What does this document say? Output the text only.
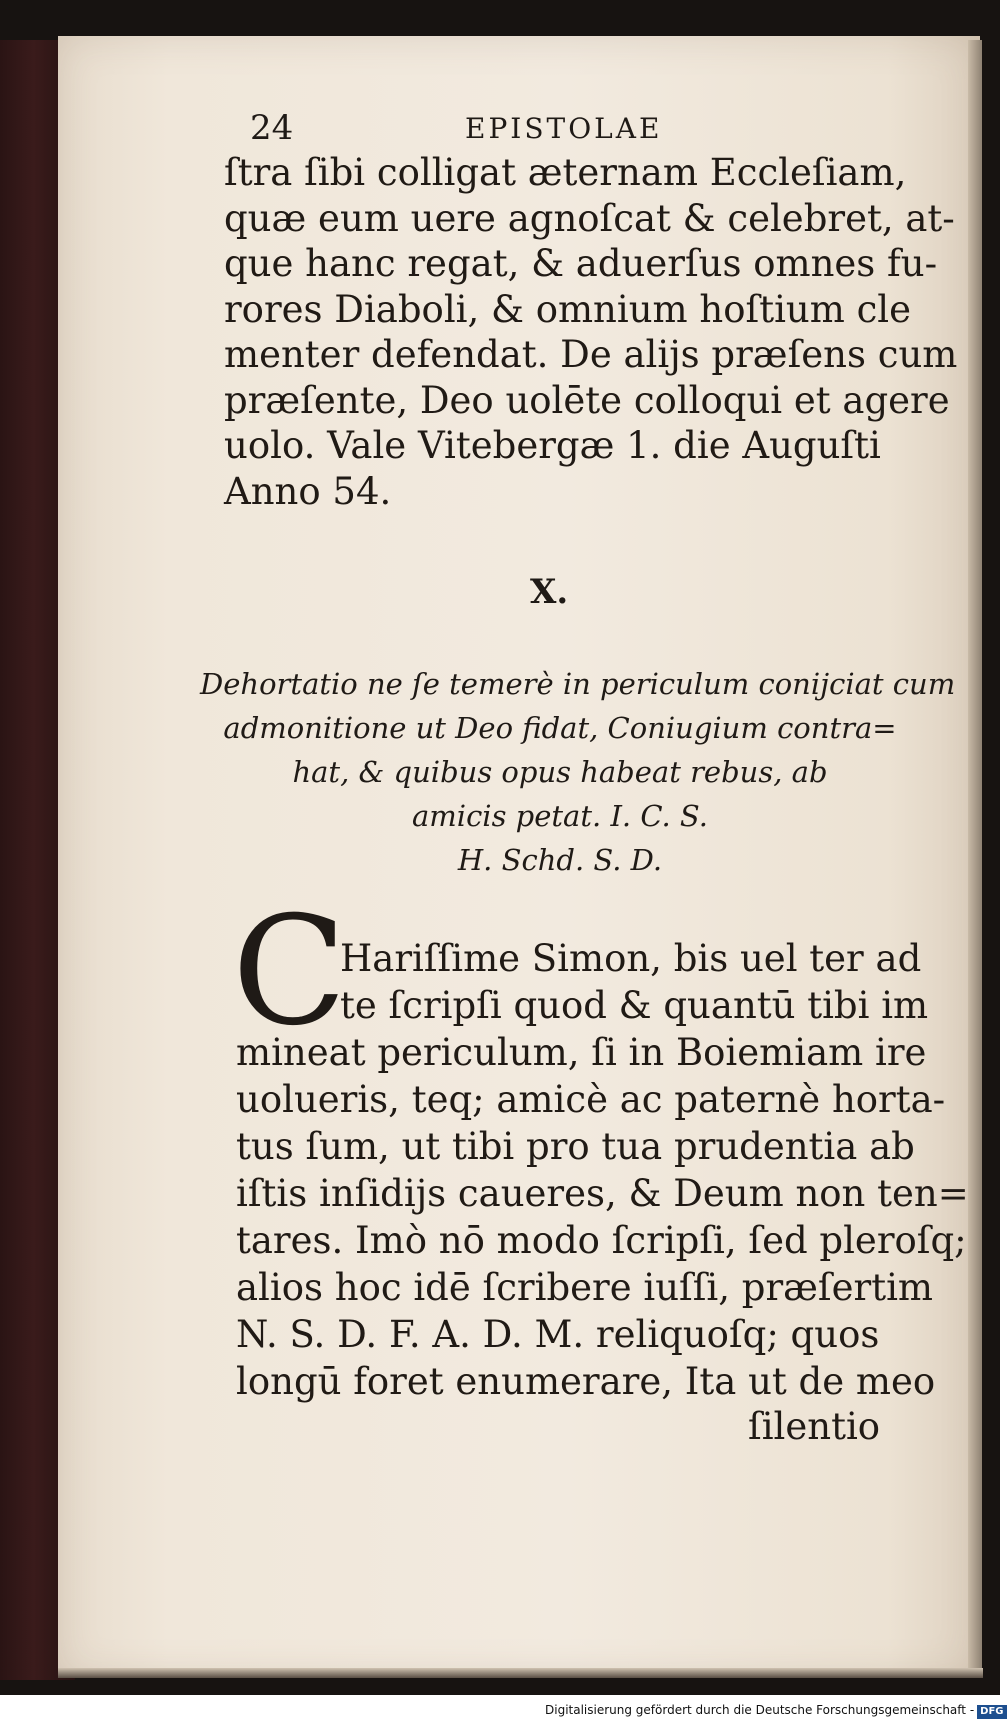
24	EPISTOLAE
ſtra ſibi colligat æternam Eccleſiam,
quæ eum uere agnoſcat & celebret, at-
que hanc regat, & aduerſus omnes fu-
rores Diaboli, & omnium hoſtium cle
menter defendat. De alijs præſens cum
præſente, Deo uolēte colloqui et agere
uolo. Vale Vitebergæ 1. die Auguſti
Anno 54.
X.
Dehortatio ne ſe temerè in periculum conijciat cum
admonitione ut Deo fidat, Coniugium contra=
hat, & quibus opus habeat rebus, ab
amicis petat. I. C. S.
H. Schd. S. D.
C
Hariſſime Simon, bis uel ter ad
te ſcripſi quod & quantū tibi im
mineat periculum, ſi in Boiemiam ire
uolueris, teq; amicè ac paternè horta-
tus ſum, ut tibi pro tua prudentia ab
iſtis inſidijs caueres, & Deum non ten=
tares. Imò nō modo ſcripſi, ſed pleroſq;
alios hoc idē ſcribere iuſſi, præſertim
N. S. D. F. A. D. M. reliquoſq; quos
longū foret enumerare, Ita ut de meo
ſilentio
Digitalisierung gefördert durch die Deutsche Forschungsgemeinschaft - DFG
